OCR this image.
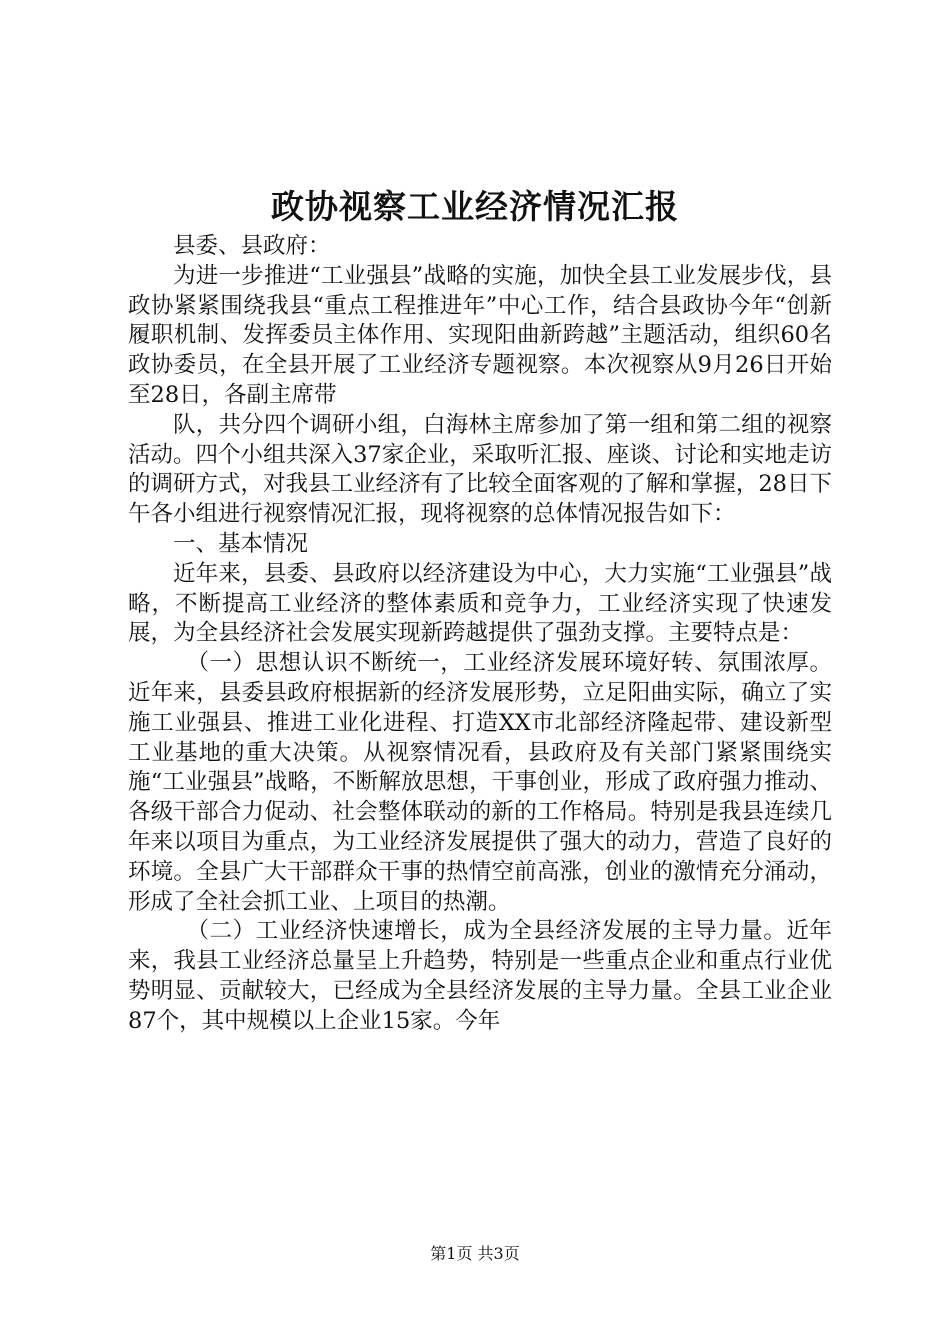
政协视察工业经济情况汇报

县委、县政府：

为进一步推进“工业强县”战略的实施，加快全县工业发展步伐，县政协紧紧围绕我县“重点工程推进年”中心工作，结合县政协今年“创新履职机制、发挥委员主体作用、实现阳曲新跨越”主题活动，组织60名政协委员，在全县开展了工业经济专题视察。本次视察从9月26日开始至28日，各副主席带

队，共分四个调研小组，白海林主席参加了第一组和第二组的视察活动。四个小组共深入37家企业，采取听汇报、座谈、讨论和实地走访的调研方式，对我县工业经济有了比较全面客观的了解和掌握，28日下午各小组进行视察情况汇报，现将视察的总体情况报告如下：

一、基本情况

近年来，县委、县政府以经济建设为中心，大力实施“工业强县”战略，不断提高工业经济的整体素质和竞争力，工业经济实现了快速发展，为全县经济社会发展实现新跨越提供了强劲支撑。主要特点是：

（一）思想认识不断统一，工业经济发展环境好转、氛围浓厚。近年来，县委县政府根据新的经济发展形势，立足阳曲实际，确立了实施工业强县、推进工业化进程、打造XX市北部经济隆起带、建设新型工业基地的重大决策。从视察情况看，县政府及有关部门紧紧围绕实施“工业强县”战略，不断解放思想，干事创业，形成了政府强力推动、各级干部合力促动、社会整体联动的新的工作格局。特别是我县连续几年来以项目为重点，为工业经济发展提供了强大的动力，营造了良好的环境。全县广大干部群众干事的热情空前高涨，创业的激情充分涌动，形成了全社会抓工业、上项目的热潮。

（二）工业经济快速增长，成为全县经济发展的主导力量。近年来，我县工业经济总量呈上升趋势，特别是一些重点企业和重点行业优势明显、贡献较大，已经成为全县经济发展的主导力量。全县工业企业87个，其中规模以上企业15家。今年

第1页 共3页
